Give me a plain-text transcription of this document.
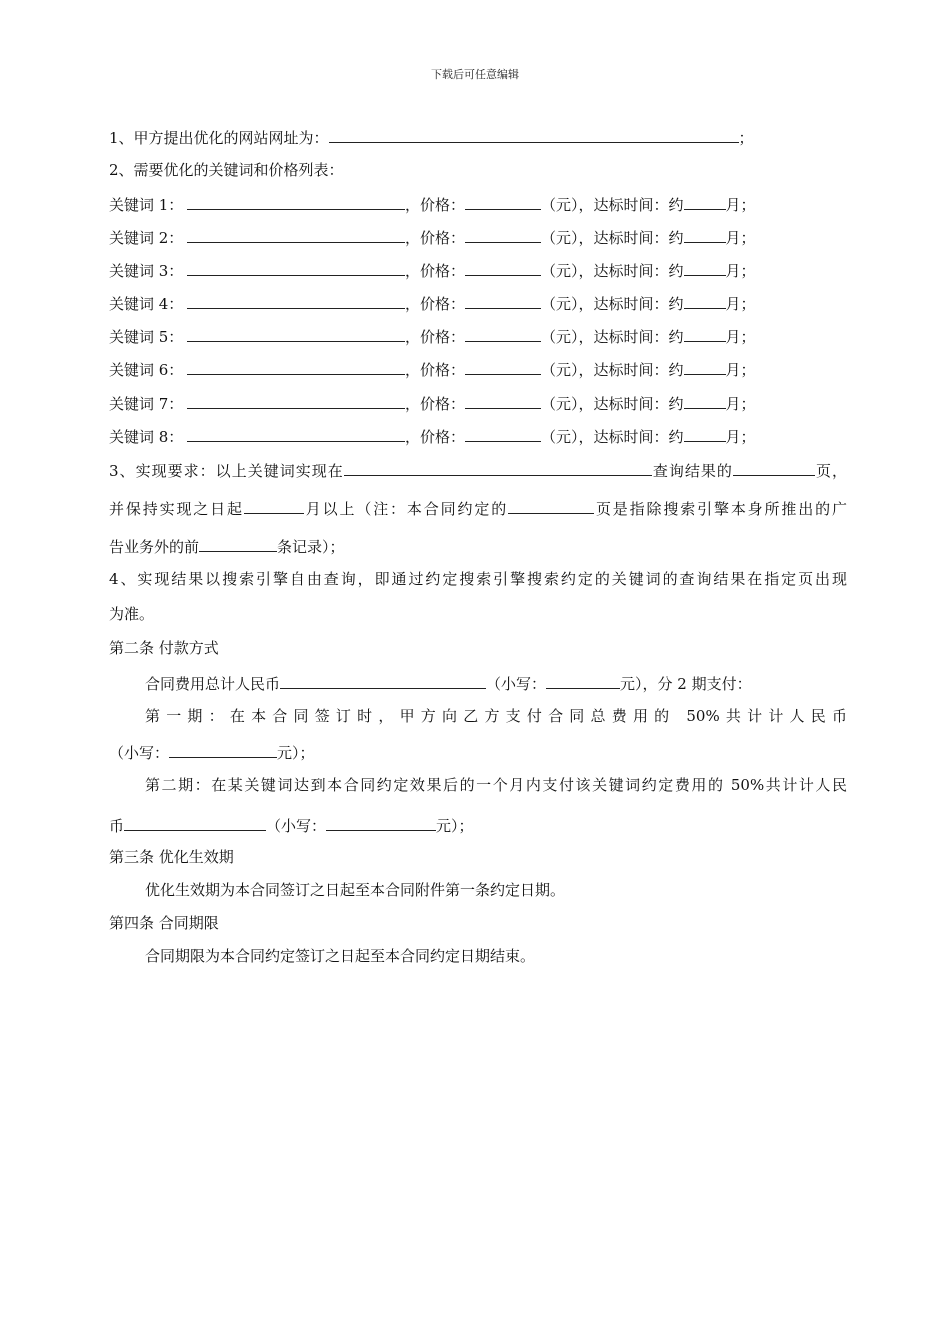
下载后可任意编辑
1、甲方提出优化的网站网址为：	；
2、需要优化的关键词和价格列表：
关键词 1：	，价格：	（元），达标时间：约	月；
关键词 2：	，价格：	（元），达标时间：约	月；
关键词 3：	，价格：	（元），达标时间：约	月；
关键词 4：	，价格：	（元），达标时间：约	月；
关键词 5：	，价格：	（元），达标时间：约	月；
关键词 6：	，价格：	（元），达标时间：约	月；
关键词 7：	，价格：	（元），达标时间：约	月；
关键词 8：	，价格：	（元），达标时间：约	月；
3、实现要求：以上关键词实现在	查询结果的	页，
并保持实现之日起	月以上（注：本合同约定的	页是指除搜索引擎本身所推出的广
告业务外的前	条记录）；
4、实现结果以搜索引擎自由查询，即通过约定搜索引擎搜索约定的关键词的查询结果在指定页出现
为准。
第二条 付款方式
合同费用总计人民币	（小写：	元），分 2 期支付：
第一期：在本合同签订时，甲方向乙方支付合同总费用的 50%共计计人民币
（小写：	元）；
第二期：在某关键词达到本合同约定效果后的一个月内支付该关键词约定费用的 50%共计计人民
币	（小写：	元）；
第三条 优化生效期
优化生效期为本合同签订之日起至本合同附件第一条约定日期。
第四条 合同期限
合同期限为本合同约定签订之日起至本合同约定日期结束。
